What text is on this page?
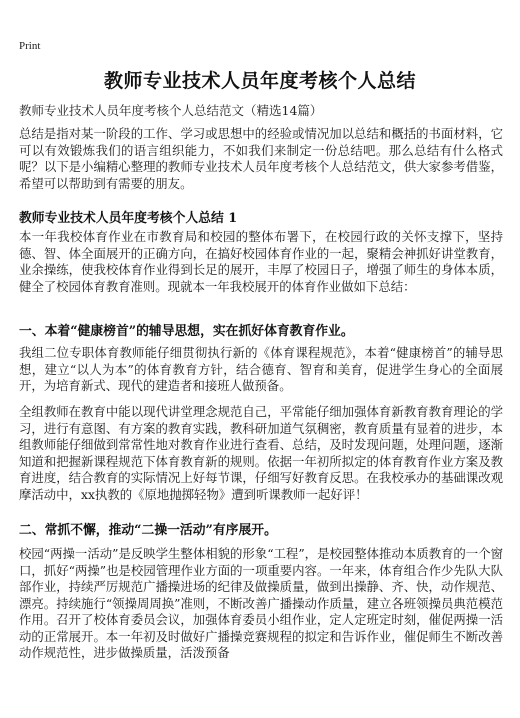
Print
教师专业技术人员年度考核个人总结
教师专业技术人员年度考核个人总结范文（精选14篇）

总结是指对某一阶段的工作、学习或思想中的经验或情况加以总结和概括的书面材料，它可以有效锻炼我们的语言组织能力，不如我们来制定一份总结吧。那么总结有什么格式呢？以下是小编精心整理的教师专业技术人员年度考核个人总结范文，供大家参考借鉴，希望可以帮助到有需要的朋友。

教师专业技术人员年度考核个人总结 1

本一年我校体育作业在市教育局和校园的整体布署下，在校园行政的关怀支撑下，坚持德、智、体全面展开的正确方向，在搞好校园体育作业的一起，聚精会神抓好讲堂教育，业余操练，使我校体育作业得到长足的展开，丰厚了校园日子，增强了师生的身体本质，健全了校园体育教育准则。现就本一年我校展开的体育作业做如下总结：

一、本着“健康榜首”的辅导思想，实在抓好体育教育作业。

我组二位专职体育教师能仔细贯彻执行新的《体育课程规范》，本着“健康榜首”的辅导思想，建立“以人为本”的体育教育方针，结合德育、智育和美育，促进学生身心的全面展开，为培育新式、现代的建造者和接班人做预备。

全组教师在教育中能以现代讲堂理念规范自己，平常能仔细加强体育新教育教育理论的学习，进行有意图、有方案的教育实践，教科研加道气氛稠密，教育质量有显着的进步，本组教师能仔细做到常常性地对教育作业进行查看、总结，及时发现问题，处理问题，逐渐知道和把握新课程规范下体育教育新的规则。依据一年初所拟定的体育教育作业方案及教育进度，结合教育的实际情况上好每节课，仔细写好教育反思。在我校承办的基础课改观摩活动中，xx执教的《原地抛掷轻物》遭到听课教师一起好评！

二、常抓不懈，推动“二操一活动”有序展开。

校园“两操一活动”是反映学生整体相貌的形象“工程”，是校园整体推动本质教育的一个窗口，抓好“两操”也是校园管理作业方面的一项重要内容。一年来，体育组合作少先队大队部作业，持续严厉规范广播操进场的纪律及做操质量，做到出操静、齐、快，动作规范、漂亮。持续施行“领操周周换”准则，不断改善广播操动作质量，建立各班领操员典范模范作用。召开了校体育委员会议，加强体育委员小组作业，定人定班定时刻，催促两操一活动的正常展开。本一年初及时做好广播操竞赛规程的拟定和告诉作业，催促师生不断改善动作规范性，进步做操质量，活泼预备
